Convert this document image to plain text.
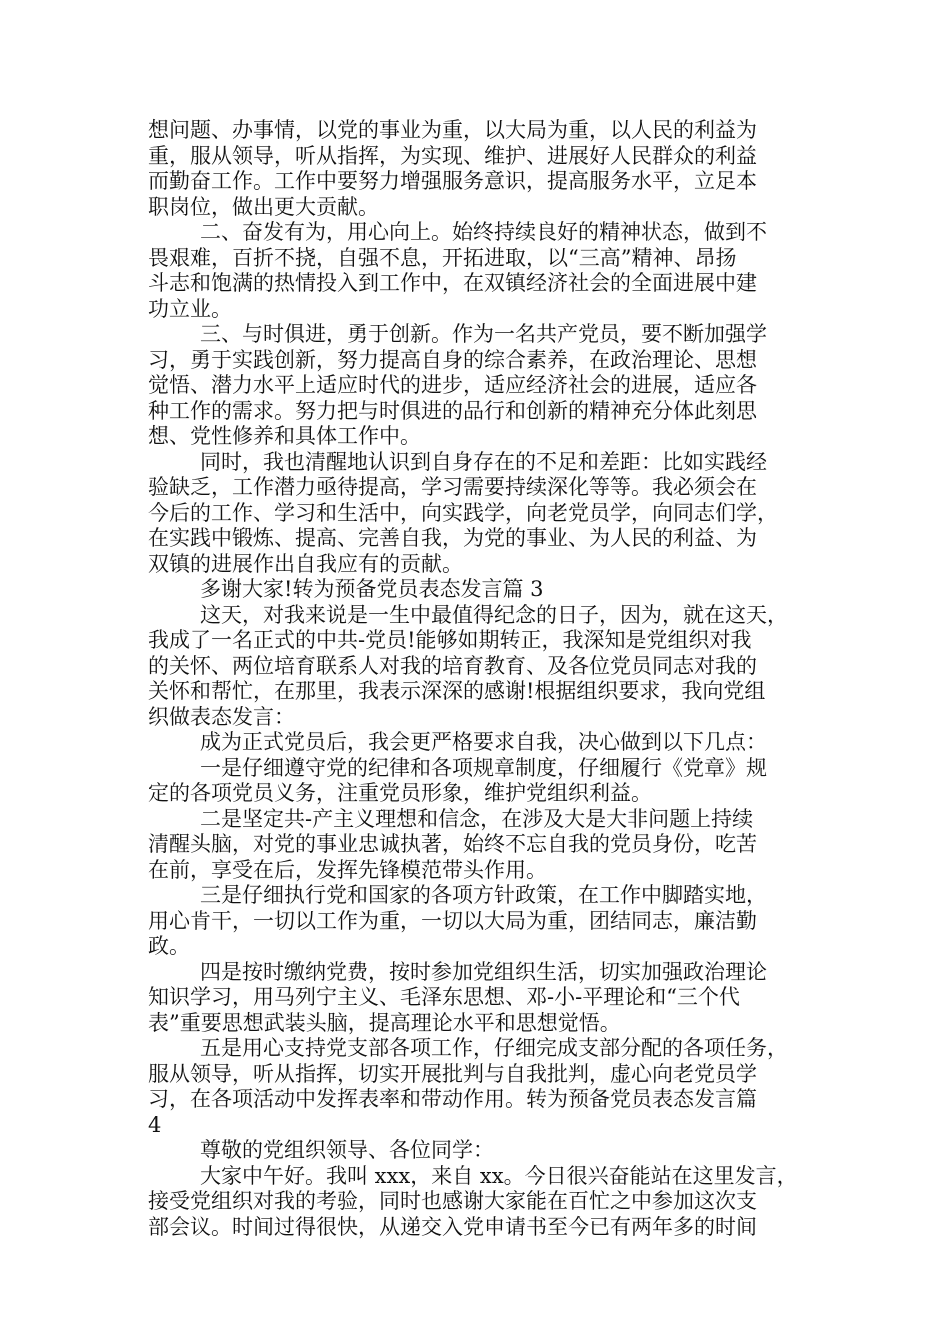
想问题、办事情，以党的事业为重，以大局为重，以人民的利益为
重，服从领导，听从指挥，为实现、维护、进展好人民群众的利益
而勤奋工作。工作中要努力增强服务意识，提高服务水平，立足本
职岗位，做出更大贡献。
二、奋发有为，用心向上。始终持续良好的精神状态，做到不
畏艰难，百折不挠，自强不息，开拓进取，以“三高”精神、昂扬
斗志和饱满的热情投入到工作中，在双镇经济社会的全面进展中建
功立业。
三、与时俱进，勇于创新。作为一名共产党员，要不断加强学
习，勇于实践创新，努力提高自身的综合素养，在政治理论、思想
觉悟、潜力水平上适应时代的进步，适应经济社会的进展，适应各
种工作的需求。努力把与时俱进的品行和创新的精神充分体此刻思
想、党性修养和具体工作中。
同时，我也清醒地认识到自身存在的不足和差距：比如实践经
验缺乏，工作潜力亟待提高，学习需要持续深化等等。我必须会在
今后的工作、学习和生活中，向实践学，向老党员学，向同志们学，
在实践中锻炼、提高、完善自我，为党的事业、为人民的利益、为
双镇的进展作出自我应有的贡献。
多谢大家!转为预备党员表态发言篇 3
这天，对我来说是一生中最值得纪念的日子，因为，就在这天，
我成了一名正式的中共-党员!能够如期转正，我深知是党组织对我
的关怀、两位培育联系人对我的培育教育、及各位党员同志对我的
关怀和帮忙，在那里，我表示深深的感谢!根据组织要求，我向党组
织做表态发言：
成为正式党员后，我会更严格要求自我，决心做到以下几点：
一是仔细遵守党的纪律和各项规章制度，仔细履行《党章》规
定的各项党员义务，注重党员形象，维护党组织利益。
二是坚定共-产主义理想和信念，在涉及大是大非问题上持续
清醒头脑，对党的事业忠诚执著，始终不忘自我的党员身份，吃苦
在前，享受在后，发挥先锋模范带头作用。
三是仔细执行党和国家的各项方针政策，在工作中脚踏实地，
用心肯干，一切以工作为重，一切以大局为重，团结同志，廉洁勤
政。
四是按时缴纳党费，按时参加党组织生活，切实加强政治理论
知识学习，用马列宁主义、毛泽东思想、邓-小-平理论和“三个代
表”重要思想武装头脑，提高理论水平和思想觉悟。
五是用心支持党支部各项工作，仔细完成支部分配的各项任务，
服从领导，听从指挥，切实开展批判与自我批判，虚心向老党员学
习，在各项活动中发挥表率和带动作用。转为预备党员表态发言篇
4
尊敬的党组织领导、各位同学：
大家中午好。我叫 xxx，来自 xx。今日很兴奋能站在这里发言，
接受党组织对我的考验，同时也感谢大家能在百忙之中参加这次支
部会议。时间过得很快，从递交入党申请书至今已有两年多的时间
